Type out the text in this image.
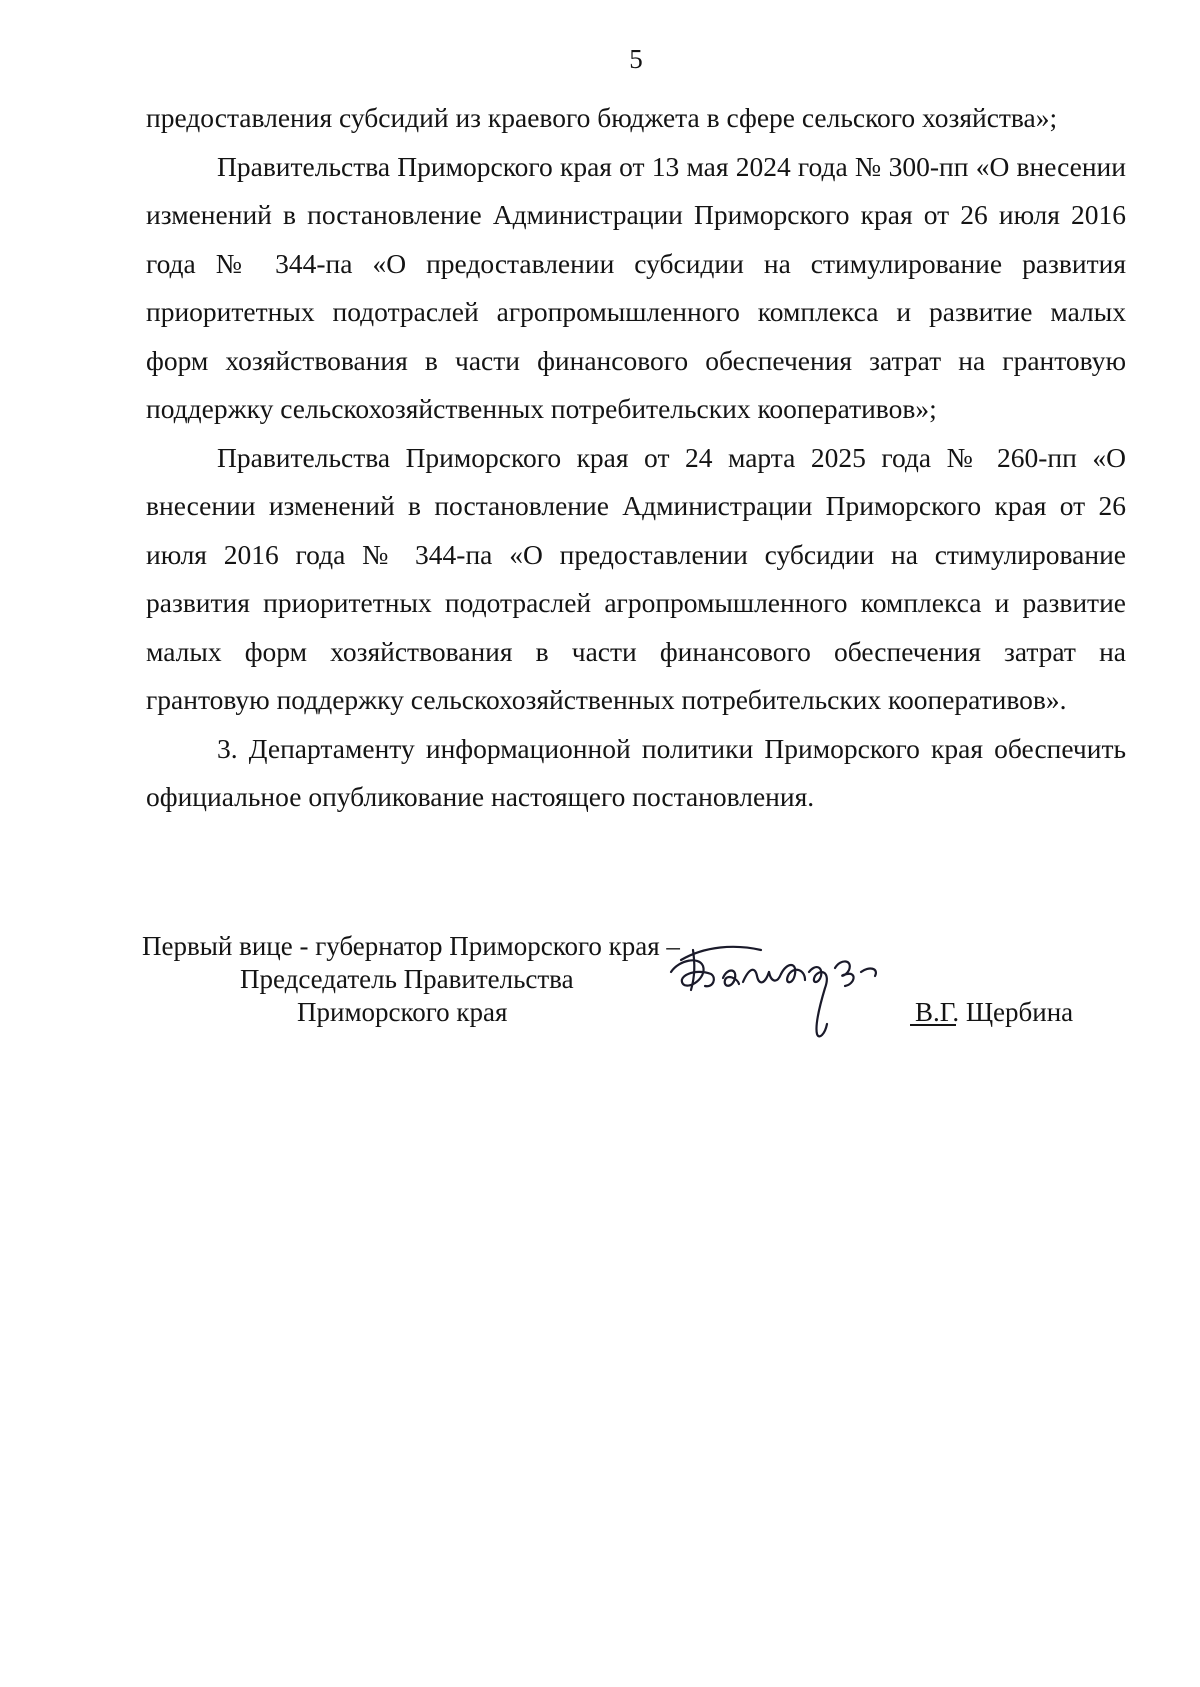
5

предоставления субсидий из краевого бюджета в сфере сельского хозяйства»;

Правительства Приморского края от 13 мая 2024 года № 300-пп «О внесении изменений в постановление Администрации Приморского края от 26 июля 2016 года № 344-па «О предоставлении субсидии на стимулирование развития приоритетных подотраслей агропромышленного комплекса и развитие малых форм хозяйствования в части финансового обеспечения затрат на грантовую поддержку сельскохозяйственных потребительских кооперативов»;

Правительства Приморского края от 24 марта 2025 года № 260-пп «О внесении изменений в постановление Администрации Приморского края от 26 июля 2016 года № 344-па «О предоставлении субсидии на стимулирование развития приоритетных подотраслей агропромышленного комплекса и развитие малых форм хозяйствования в части финансового обеспечения затрат на грантовую поддержку сельскохозяйственных потребительских кооперативов».

3. Департаменту информационной политики Приморского края обеспечить официальное опубликование настоящего постановления.

Первый вице - губернатор Приморского края –
Председатель Правительства
Приморского края	В.Г. Щербина
